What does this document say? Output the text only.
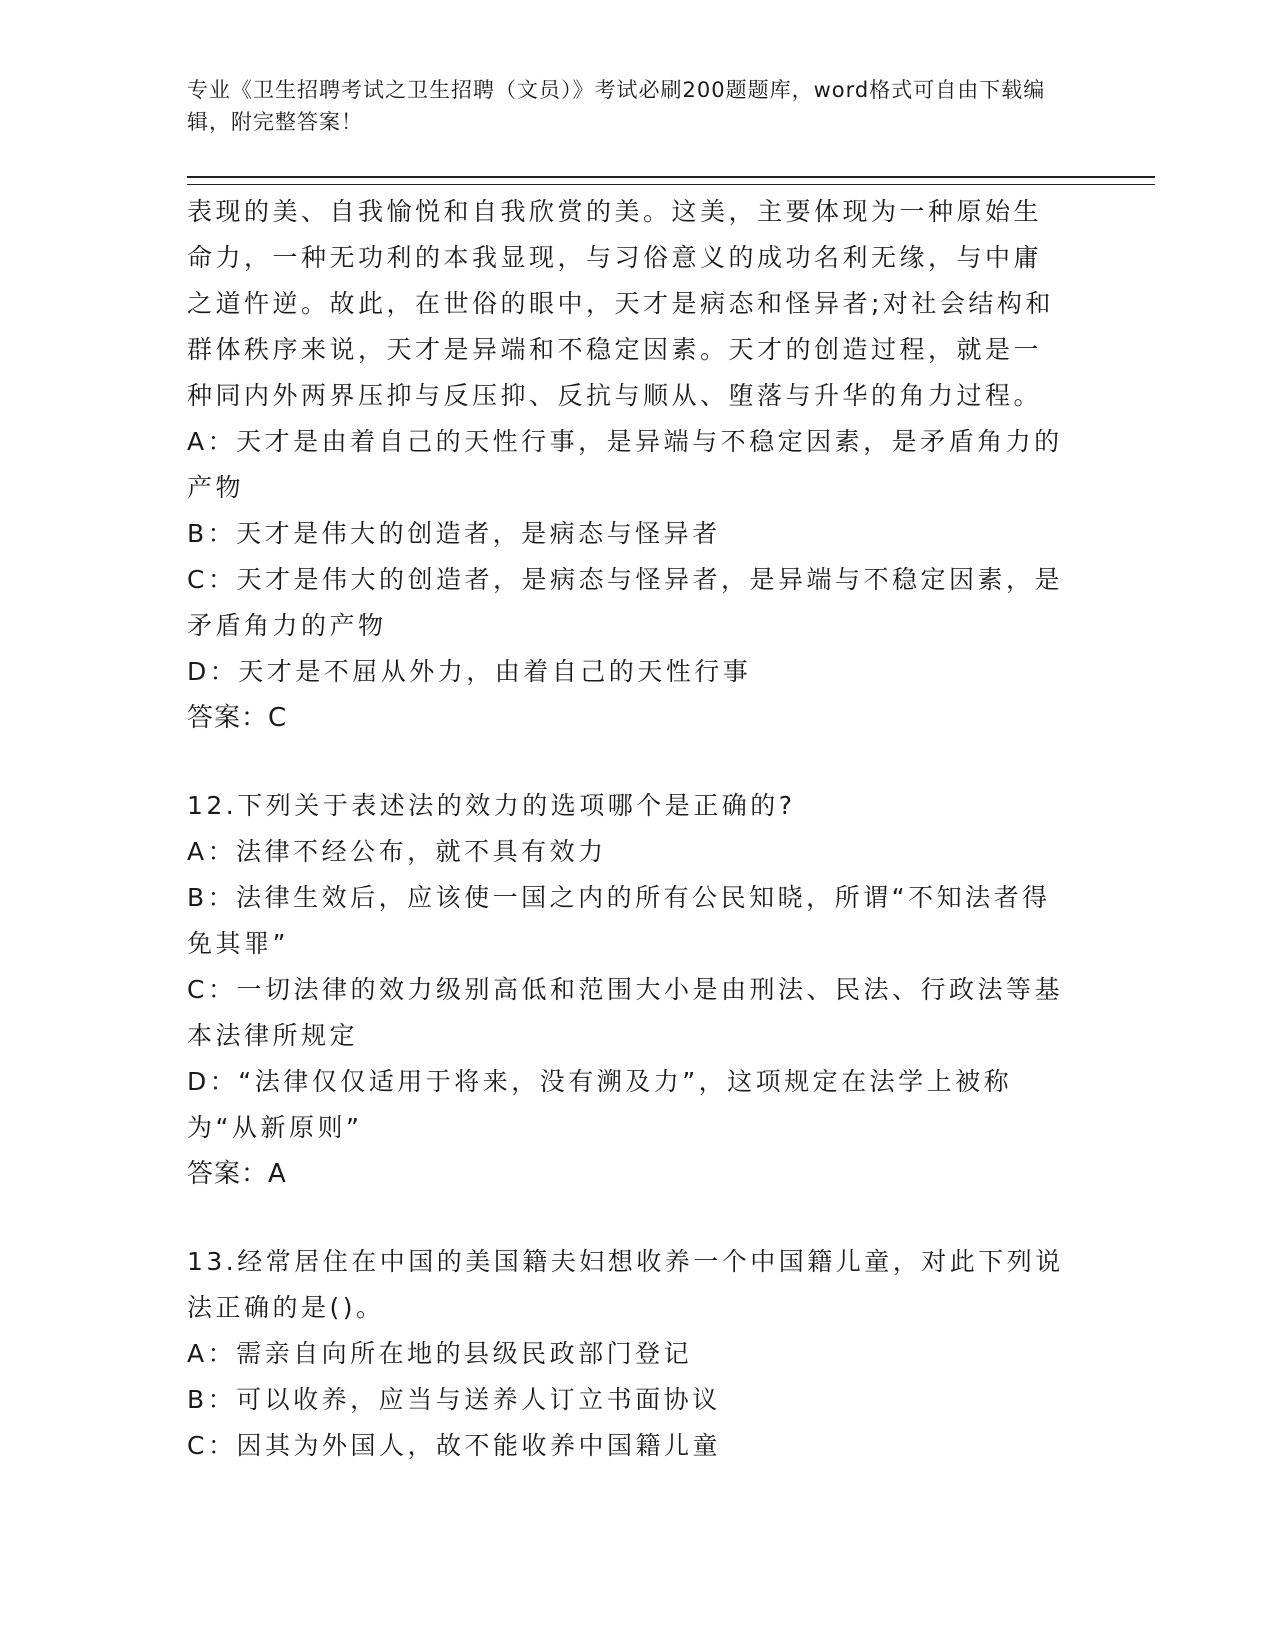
专业《卫生招聘考试之卫生招聘（文员）》考试必刷200题题库，word格式可自由下载编辑，附完整答案！

表现的美、自我愉悦和自我欣赏的美。这美，主要体现为一种原始生命力，一种无功利的本我显现，与习俗意义的成功名利无缘，与中庸之道忤逆。故此，在世俗的眼中，天才是病态和怪异者;对社会结构和群体秩序来说，天才是异端和不稳定因素。天才的创造过程，就是一种同内外两界压抑与反压抑、反抗与顺从、堕落与升华的角力过程。

A：天才是由着自己的天性行事，是异端与不稳定因素，是矛盾角力的产物

B：天才是伟大的创造者，是病态与怪异者

C：天才是伟大的创造者，是病态与怪异者，是异端与不稳定因素，是矛盾角力的产物

D：天才是不屈从外力，由着自己的天性行事

答案：C

12.下列关于表述法的效力的选项哪个是正确的?

A：法律不经公布，就不具有效力

B：法律生效后，应该使一国之内的所有公民知晓，所谓“不知法者得免其罪”

C：一切法律的效力级别高低和范围大小是由刑法、民法、行政法等基本法律所规定

D：“法律仅仅适用于将来，没有溯及力”，这项规定在法学上被称为“从新原则”

答案：A

13.经常居住在中国的美国籍夫妇想收养一个中国籍儿童，对此下列说法正确的是()。

A：需亲自向所在地的县级民政部门登记

B：可以收养，应当与送养人订立书面协议

C：因其为外国人，故不能收养中国籍儿童
